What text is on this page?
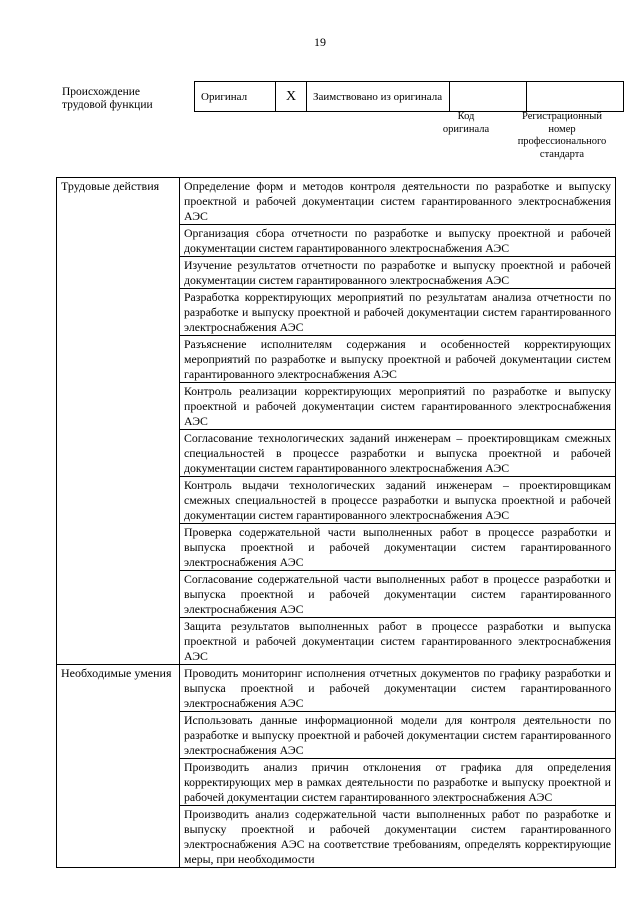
19
Происхождение трудовой функции
Оригинал	X	Заимствовано из оригинала		
Код оригинала
Регистрационный номер профессионального стандарта
Трудовые действия	Определение форм и методов контроля деятельности по разработке и выпуску проектной и рабочей документации систем гарантированного электроснабжения АЭС
	Организация сбора отчетности по разработке и выпуску проектной и рабочей документации систем гарантированного электроснабжения АЭС
	Изучение результатов отчетности по разработке и выпуску проектной и рабочей документации систем гарантированного электроснабжения АЭС
	Разработка корректирующих мероприятий по результатам анализа отчетности по разработке и выпуску проектной и рабочей документации систем гарантированного электроснабжения АЭС
	Разъяснение исполнителям содержания и особенностей корректирующих мероприятий по разработке и выпуску проектной и рабочей документации систем гарантированного электроснабжения АЭС
	Контроль реализации корректирующих мероприятий по разработке и выпуску проектной и рабочей документации систем гарантированного электроснабжения АЭС
	Согласование технологических заданий инженерам – проектировщикам смежных специальностей в процессе разработки и выпуска проектной и рабочей документации систем гарантированного электроснабжения АЭС
	Контроль выдачи технологических заданий инженерам – проектировщикам смежных специальностей в процессе разработки и выпуска проектной и рабочей документации систем гарантированного электроснабжения АЭС
	Проверка содержательной части выполненных работ в процессе разработки и выпуска проектной и рабочей документации систем гарантированного электроснабжения АЭС
	Согласование содержательной части выполненных работ в процессе разработки и выпуска проектной и рабочей документации систем гарантированного электроснабжения АЭС
	Защита результатов выполненных работ в процессе разработки и выпуска проектной и рабочей документации систем гарантированного электроснабжения АЭС
Необходимые умения	Проводить мониторинг исполнения отчетных документов по графику разработки и выпуска проектной и рабочей документации систем гарантированного электроснабжения АЭС
	Использовать данные информационной модели для контроля деятельности по разработке и выпуску проектной и рабочей документации систем гарантированного электроснабжения АЭС
	Производить анализ причин отклонения от графика для определения корректирующих мер в рамках деятельности по разработке и выпуску проектной и рабочей документации систем гарантированного электроснабжения АЭС
	Производить анализ содержательной части выполненных работ по разработке и выпуску проектной и рабочей документации систем гарантированного электроснабжения АЭС на соответствие требованиям, определять корректирующие меры, при необходимости
